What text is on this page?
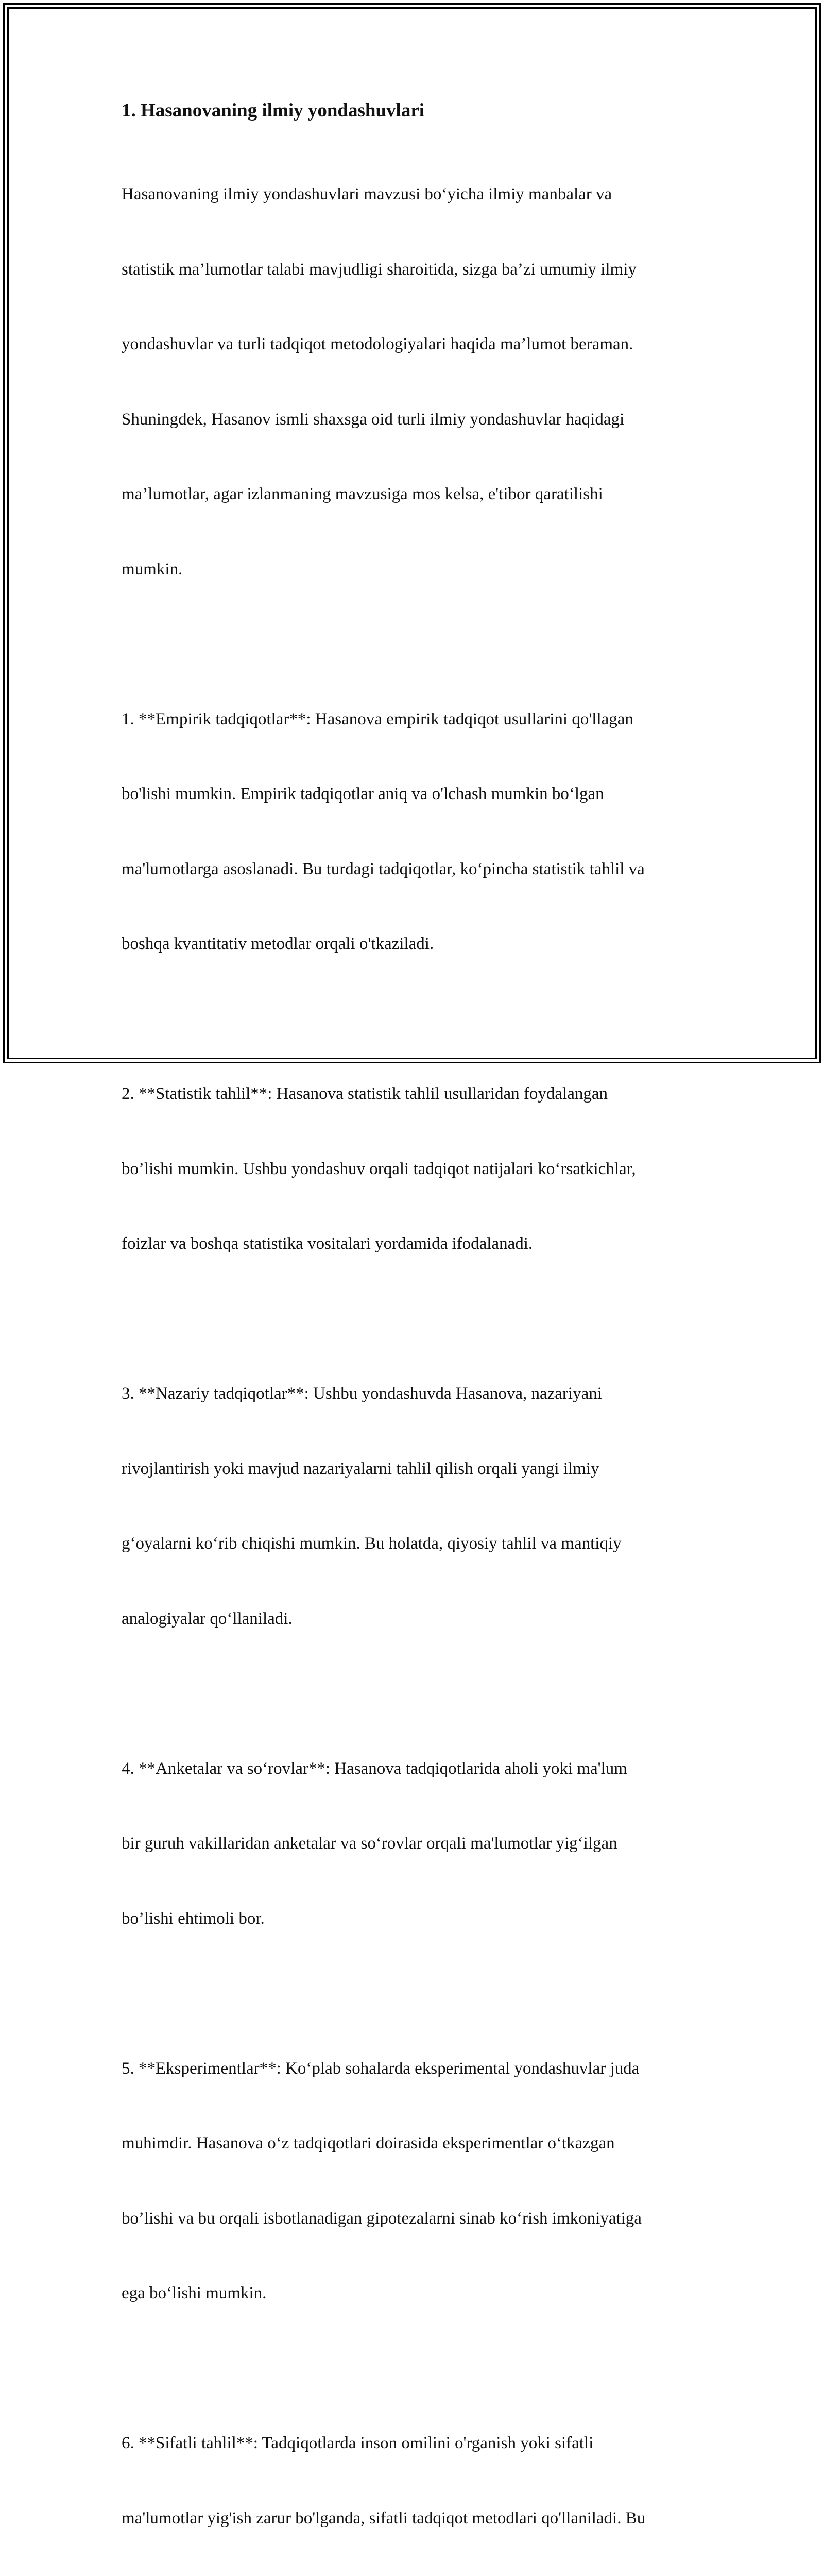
1. Hasanovaning ilmiy yondashuvlari

Hasanovaning ilmiy yondashuvlari mavzusi bo‘yicha ilmiy manbalar va

statistik ma’lumotlar talabi mavjudligi sharoitida, sizga ba’zi umumiy ilmiy

yondashuvlar va turli tadqiqot metodologiyalari haqida ma’lumot beraman.

Shuningdek, Hasanov ismli shaxsga oid turli ilmiy yondashuvlar haqidagi

ma’lumotlar, agar izlanmaning mavzusiga mos kelsa, e'tibor qaratilishi

mumkin.

1. **Empirik tadqiqotlar**: Hasanova empirik tadqiqot usullarini qo'llagan

bo'lishi mumkin. Empirik tadqiqotlar aniq va o'lchash mumkin bo‘lgan

ma'lumotlarga asoslanadi. Bu turdagi tadqiqotlar, ko‘pincha statistik tahlil va

boshqa kvantitativ metodlar orqali o'tkaziladi.

2. **Statistik tahlil**: Hasanova statistik tahlil usullaridan foydalangan

bo’lishi mumkin. Ushbu yondashuv orqali tadqiqot natijalari ko‘rsatkichlar,

foizlar va boshqa statistika vositalari yordamida ifodalanadi.

3. **Nazariy tadqiqotlar**: Ushbu yondashuvda Hasanova, nazariyani

rivojlantirish yoki mavjud nazariyalarni tahlil qilish orqali yangi ilmiy

g‘oyalarni ko‘rib chiqishi mumkin. Bu holatda, qiyosiy tahlil va mantiqiy

analogiyalar qo‘llaniladi.

4. **Anketalar va so‘rovlar**: Hasanova tadqiqotlarida aholi yoki ma'lum

bir guruh vakillaridan anketalar va so‘rovlar orqali ma'lumotlar yig‘ilgan

bo’lishi ehtimoli bor.

5. **Eksperimentlar**: Ko‘plab sohalarda eksperimental yondashuvlar juda

muhimdir. Hasanova o‘z tadqiqotlari doirasida eksperimentlar o‘tkazgan

bo’lishi va bu orqali isbotlanadigan gipotezalarni sinab ko‘rish imkoniyatiga

ega bo‘lishi mumkin.

6. **Sifatli tahlil**: Tadqiqotlarda inson omilini o'rganish yoki sifatli

ma'lumotlar yig'ish zarur bo'lganda, sifatli tadqiqot metodlari qo'llaniladi. Bu
